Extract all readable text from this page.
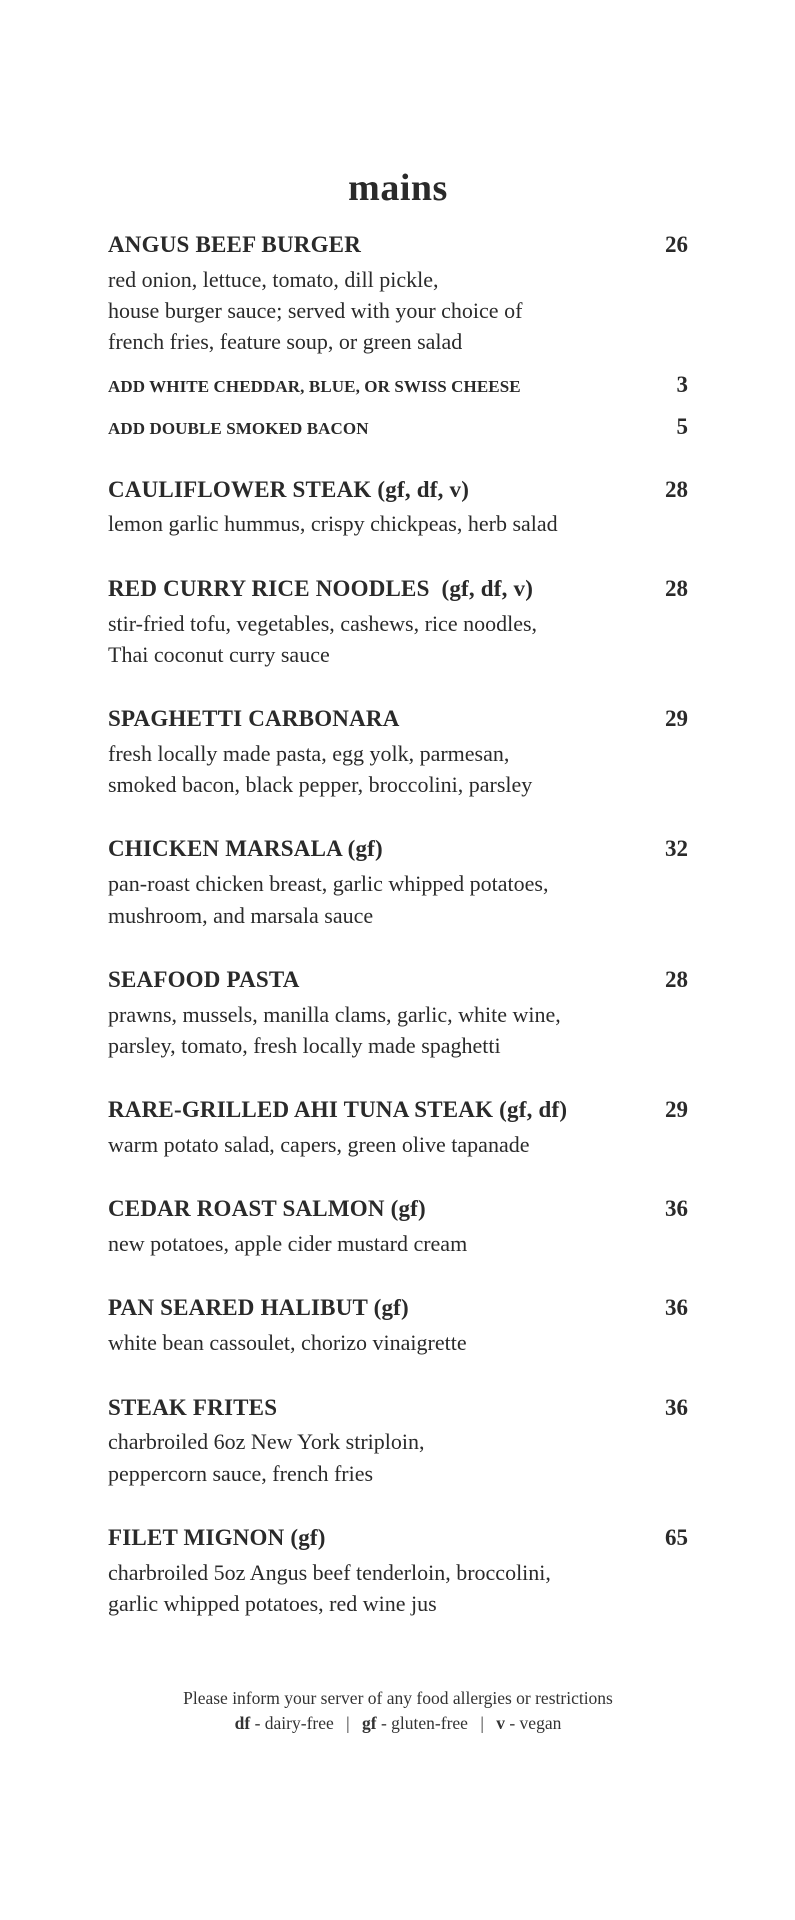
mains
ANGUS BEEF BURGER	26
red onion, lettuce, tomato, dill pickle,
house burger sauce; served with your choice of
french fries, feature soup, or green salad
ADD WHITE CHEDDAR, BLUE, OR SWISS CHEESE	3
ADD DOUBLE SMOKED BACON	5
CAULIFLOWER STEAK (gf, df, v)	28
lemon garlic hummus, crispy chickpeas, herb salad
RED CURRY RICE NOODLES  (gf, df, v)	28
stir-fried tofu, vegetables, cashews, rice noodles,
Thai coconut curry sauce
SPAGHETTI CARBONARA	29
fresh locally made pasta, egg yolk, parmesan,
smoked bacon, black pepper, broccolini, parsley
CHICKEN MARSALA (gf)	32
pan-roast chicken breast, garlic whipped potatoes,
mushroom, and marsala sauce
SEAFOOD PASTA	28
prawns, mussels, manilla clams, garlic, white wine,
parsley, tomato, fresh locally made spaghetti
RARE-GRILLED AHI TUNA STEAK (gf, df)	29
warm potato salad, capers, green olive tapanade
CEDAR ROAST SALMON (gf)	36
new potatoes, apple cider mustard cream
PAN SEARED HALIBUT (gf)	36
white bean cassoulet, chorizo vinaigrette
STEAK FRITES	36
charbroiled 6oz New York striploin,
peppercorn sauce, french fries
FILET MIGNON (gf)	65
charbroiled 5oz Angus beef tenderloin, broccolini,
garlic whipped potatoes, red wine jus
Please inform your server of any food allergies or restrictions
df - dairy-free | gf - gluten-free | v - vegan
